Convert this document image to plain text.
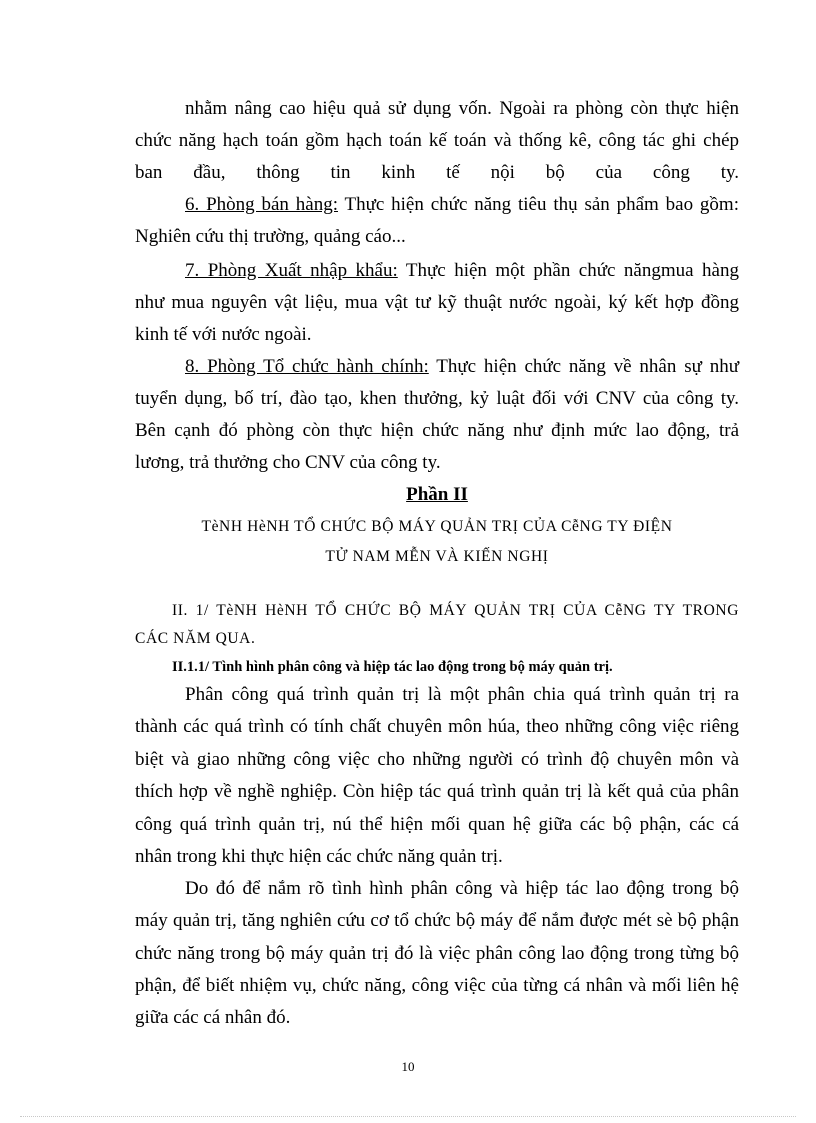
nhằm nâng cao hiệu quả sử dụng vốn. Ngoài ra phòng còn thực hiện
chức năng hạch toán gồm hạch toán kế toán và thống kê, công tác ghi chép
ban đầu, thông tin kinh tế nội bộ của công ty.
6. Phòng bán hàng: Thực hiện chức năng tiêu thụ sản phẩm bao gồm:
Nghiên cứu thị trường, quảng cáo...
7. Phòng Xuất nhập khẩu: Thực hiện một phần chức năngmua hàng
như mua nguyên vật liệu, mua vật tư kỹ thuật nước ngoài, ký kết hợp đồng
kinh tế với nước ngoài.
8. Phòng Tổ chức hành chính: Thực hiện chức năng về nhân sự như
tuyển dụng, bố trí, đào tạo, khen thưởng, kỷ luật đối với CNV của công ty.
Bên cạnh đó phòng còn thực hiện chức năng như định mức lao động, trả
lương, trả thưởng cho CNV của công ty.
Phần II
TèNH HèNH TỔ CHỨC BỘ MÁY QUẢN TRỊ CỦA CễNG TY ĐIỆN
TỬ NAM MỄN VÀ KIẾN NGHỊ
II. 1/ TèNH HèNH TỔ CHỨC BỘ MÁY QUẢN TRỊ CỦA CễNG TY TRONG
CÁC NĂM QUA.
II.1.1/ Tình hình phân công và hiệp tác lao động trong bộ máy quản trị.
Phân công quá trình quản trị là một phân chia quá trình quản trị ra
thành các quá trình có tính chất chuyên môn húa, theo những công việc riêng
biệt và giao những công việc cho những người có trình độ chuyên môn và
thích hợp về nghề nghiệp. Còn hiệp tác quá trình quản trị là kết quả của phân
công quá trình quản trị, nú thể hiện mối quan hệ giữa các bộ phận, các cá
nhân trong khi thực hiện các chức năng quản trị.
Do đó để nắm rõ tình hình phân công và hiệp tác lao động trong bộ
máy quản trị, tăng nghiên cứu cơ tổ chức bộ máy để nắm được mét sè bộ phận
chức năng trong bộ máy quản trị đó là việc phân công lao động trong từng bộ
phận, để biết nhiệm vụ, chức năng, công việc của từng cá nhân và mối liên hệ
giữa các cá nhân đó.
10
